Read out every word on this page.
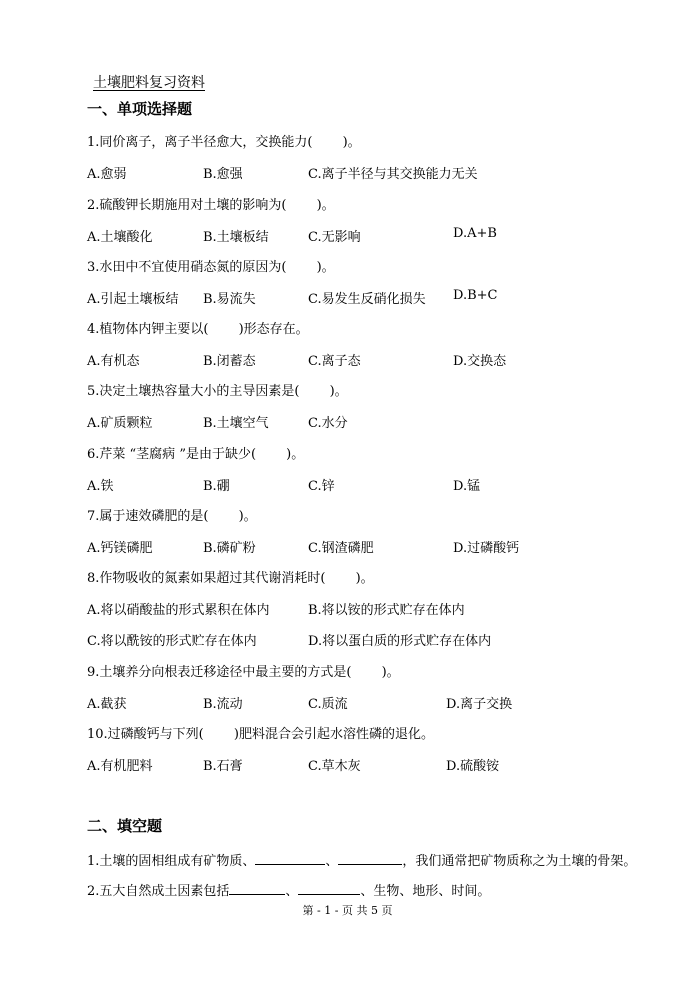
土壤肥料复习资料
一、单项选择题
1.同价离子，离子半径愈大，交换能力(　　 )。
A.愈弱	B.愈强	C.离子半径与其交换能力无关
2.硫酸钾长期施用对土壤的影响为(　　 )。
A.土壤酸化	B.土壤板结	C.无影响	D.A+B
3.水田中不宜使用硝态氮的原因为(　　 )。
A.引起土壤板结 B.易流失	C.易发生反硝化损失 D.B+C
4.植物体内钾主要以(　　 )形态存在。
A.有机态	B.闭蓄态	C.离子态	D.交换态
5.决定土壤热容量大小的主导因素是(　　 )。
A.矿质颗粒	B.土壤空气	C.水分
6.芹菜 “茎腐病 ”是由于缺少(　　 )。
A.铁	B.硼	C.锌	D.锰
7.属于速效磷肥的是(　　 )。
A.钙镁磷肥	B.磷矿粉	C.钢渣磷肥	D.过磷酸钙
8.作物吸收的氮素如果超过其代谢消耗时(　　 )。
A.将以硝酸盐的形式累积在体内	B.将以铵的形式贮存在体内
C.将以酰铵的形式贮存在体内	D.将以蛋白质的形式贮存在体内
9.土壤养分向根表迁移途径中最主要的方式是(　　 )。
A.截获	B.流动	C.质流	D.离子交换
10.过磷酸钙与下列(　　 )肥料混合会引起水溶性磷的退化。
A.有机肥料	B.石膏	C.草木灰	D.硫酸铵
二、填空题
1.土壤的固相组成有矿物质、	、	，我们通常把矿物质称之为土壤的骨架。
2.五大自然成土因素包括	、	、生物、地形、时间。
第 - 1 - 页 共 5 页
